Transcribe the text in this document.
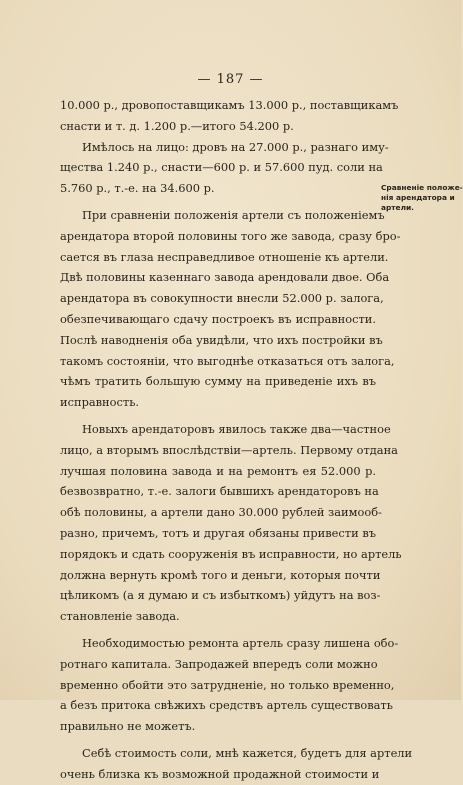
— 187 —

10.000 р., дровопоставщикамъ 13.000 р., поставщикамъ
снасти и т. д. 1.200 р.—итого 54.200 р.

Имѣлось на лицо: дровъ на 27.000 р., разнаго иму-
щества 1.240 р., снасти—600 р. и 57.600 пуд. соли на
5.760 р., т.-е. на 34.600 р.

При сравненіи положенія артели съ положеніемъ
арендатора второй половины того же завода, сразу бро-
сается въ глаза несправедливое отношеніе къ артели.
Двѣ половины казеннаго завода арендовали двое. Оба
арендатора въ совокупности внесли 52.000 р. залога,
обезпечивающаго сдачу построекъ въ исправности.
Послѣ наводненія оба увидѣли, что ихъ постройки въ
такомъ состояніи, что выгоднѣе отказаться отъ залога,
чѣмъ тратить большую сумму на приведеніе ихъ въ
исправность.

Новыхъ арендаторовъ явилось также два—частное
лицо, а вторымъ впослѣдствіи—артель. Первому отдана
лучшая половина завода и на ремонтъ ея 52.000 р.
безвозвратно, т.-е. залоги бывшихъ арендаторовъ на
обѣ половины, а артели дано 30.000 рублей заимооб-
разно, причемъ, тотъ и другая обязаны привести въ
порядокъ и сдать сооруженія въ исправности, но артель
должна вернуть кромѣ того и деньги, которыя почти
цѣликомъ (а я думаю и съ избыткомъ) уйдутъ на воз-
становленіе завода.

Необходимостью ремонта артель сразу лишена обо-
ротнаго капитала. Запродажей впередъ соли можно
временно обойти это затрудненіе, но только временно,
а безъ притока свѣжихъ средствъ артель существовать
правильно не можетъ.

Себѣ стоимость соли, мнѣ кажется, будетъ для артели
очень близка къ возможной продажной стоимости и

Сравненіе положе-
нія арендатора и
артели.
